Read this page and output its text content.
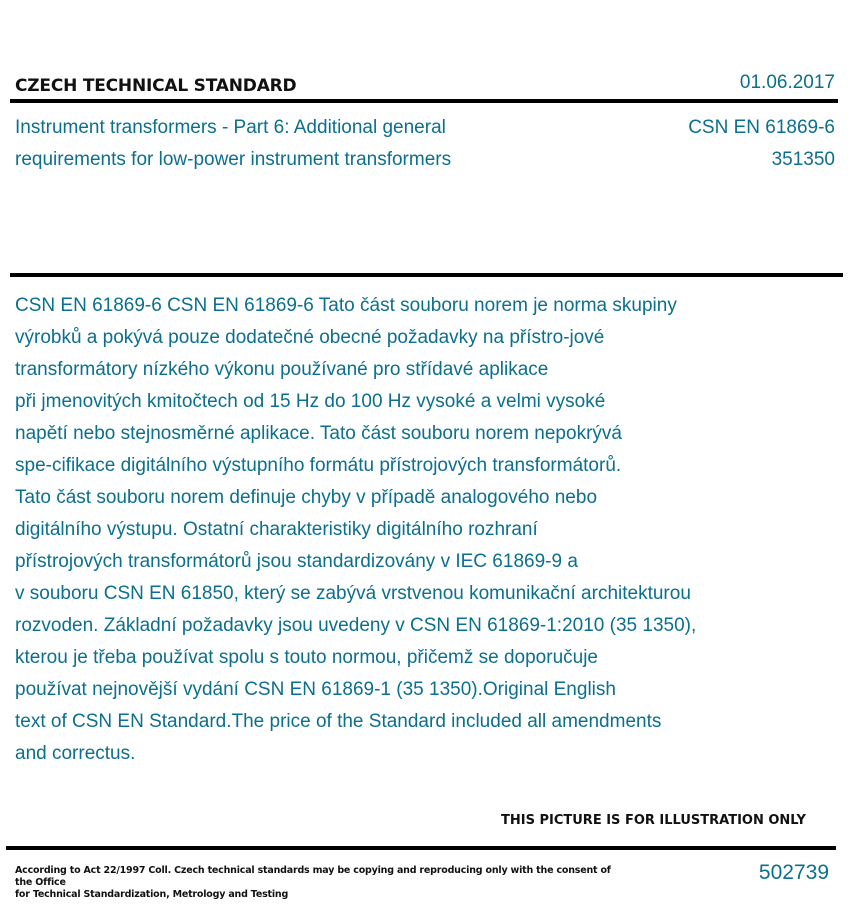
CZECH TECHNICAL STANDARD	01.06.2017
Instrument transformers - Part 6: Additional general
requirements for low-power instrument transformers
CSN EN 61869-6
351350
CSN EN 61869-6 CSN EN 61869-6 Tato část souboru norem je norma skupiny
výrobků a pokývá pouze dodatečné obecné požadavky na přístro-jové
transformátory nízkého výkonu používané pro střídavé aplikace
při jmenovitých kmitočtech od 15 Hz do 100 Hz vysoké a velmi vysoké
napětí nebo stejnosměrné aplikace. Tato část souboru norem nepokrývá
spe-cifikace digitálního výstupního formátu přístrojových transformátorů.
Tato část souboru norem definuje chyby v případě analogového nebo
digitálního výstupu. Ostatní charakteristiky digitálního rozhraní
přístrojových transformátorů jsou standardizovány v IEC 61869-9 a
v souboru CSN EN 61850, který se zabývá vrstvenou komunikační architekturou
rozvoden. Základní požadavky jsou uvedeny v CSN EN 61869-1:2010 (35 1350),
kterou je třeba používat spolu s touto normou, přičemž se doporučuje
používat nejnovější vydání CSN EN 61869-1 (35 1350).Original English
text of CSN EN Standard.The price of the Standard included all amendments
and correctus.
THIS PICTURE IS FOR ILLUSTRATION ONLY
According to Act 22/1997 Coll. Czech technical standards may be copying and reproducing only with the consent of the Office
for Technical Standardization, Metrology and Testing
502739
